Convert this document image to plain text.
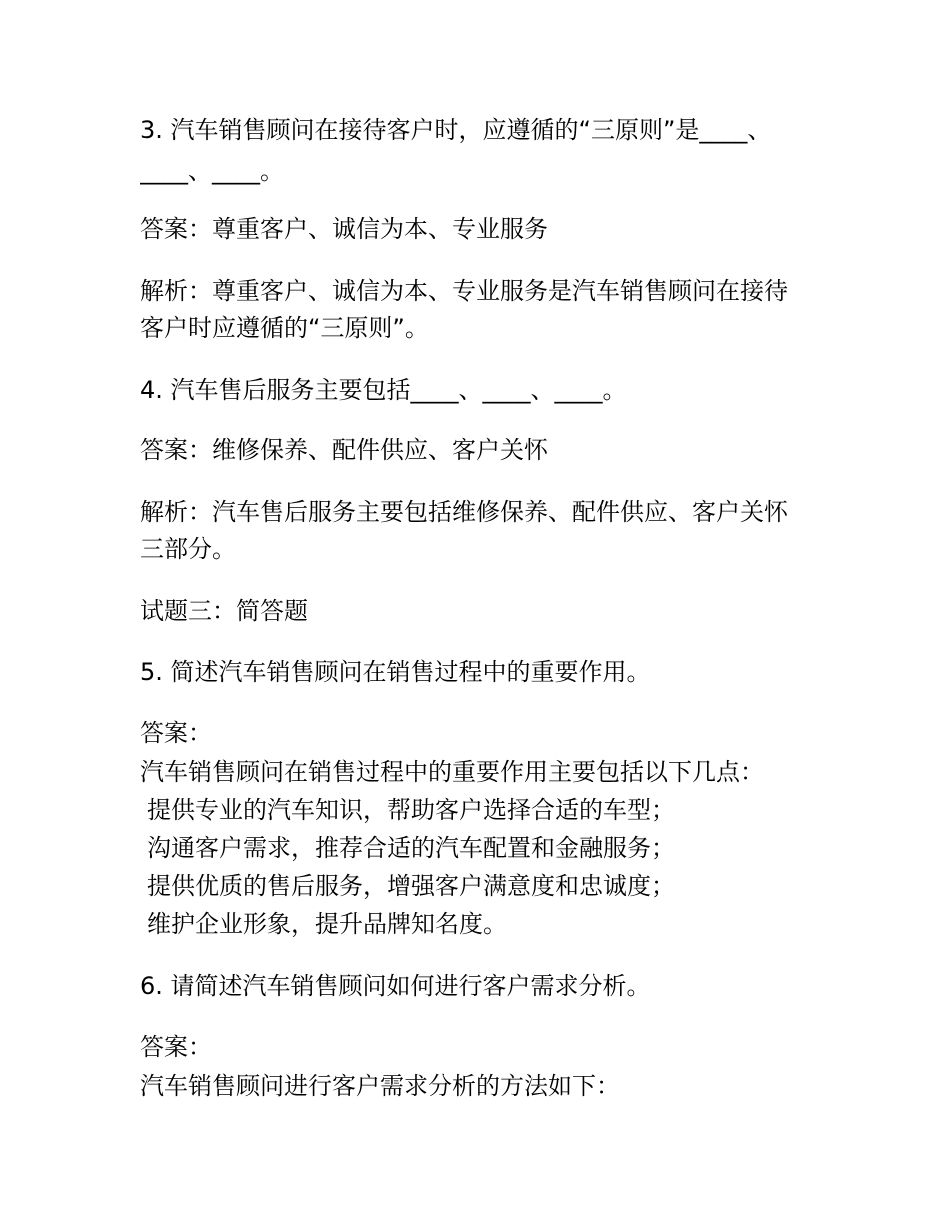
3. 汽车销售顾问在接待客户时，应遵循的“三原则”是____、
____、____。
答案：尊重客户、诚信为本、专业服务
解析：尊重客户、诚信为本、专业服务是汽车销售顾问在接待
客户时应遵循的“三原则”。
4. 汽车售后服务主要包括____、____、____。
答案：维修保养、配件供应、客户关怀
解析：汽车售后服务主要包括维修保养、配件供应、客户关怀
三部分。
试题三：简答题
5. 简述汽车销售顾问在销售过程中的重要作用。
答案：
汽车销售顾问在销售过程中的重要作用主要包括以下几点：
提供专业的汽车知识，帮助客户选择合适的车型；
沟通客户需求，推荐合适的汽车配置和金融服务；
提供优质的售后服务，增强客户满意度和忠诚度；
维护企业形象，提升品牌知名度。
6. 请简述汽车销售顾问如何进行客户需求分析。
答案：
汽车销售顾问进行客户需求分析的方法如下：
